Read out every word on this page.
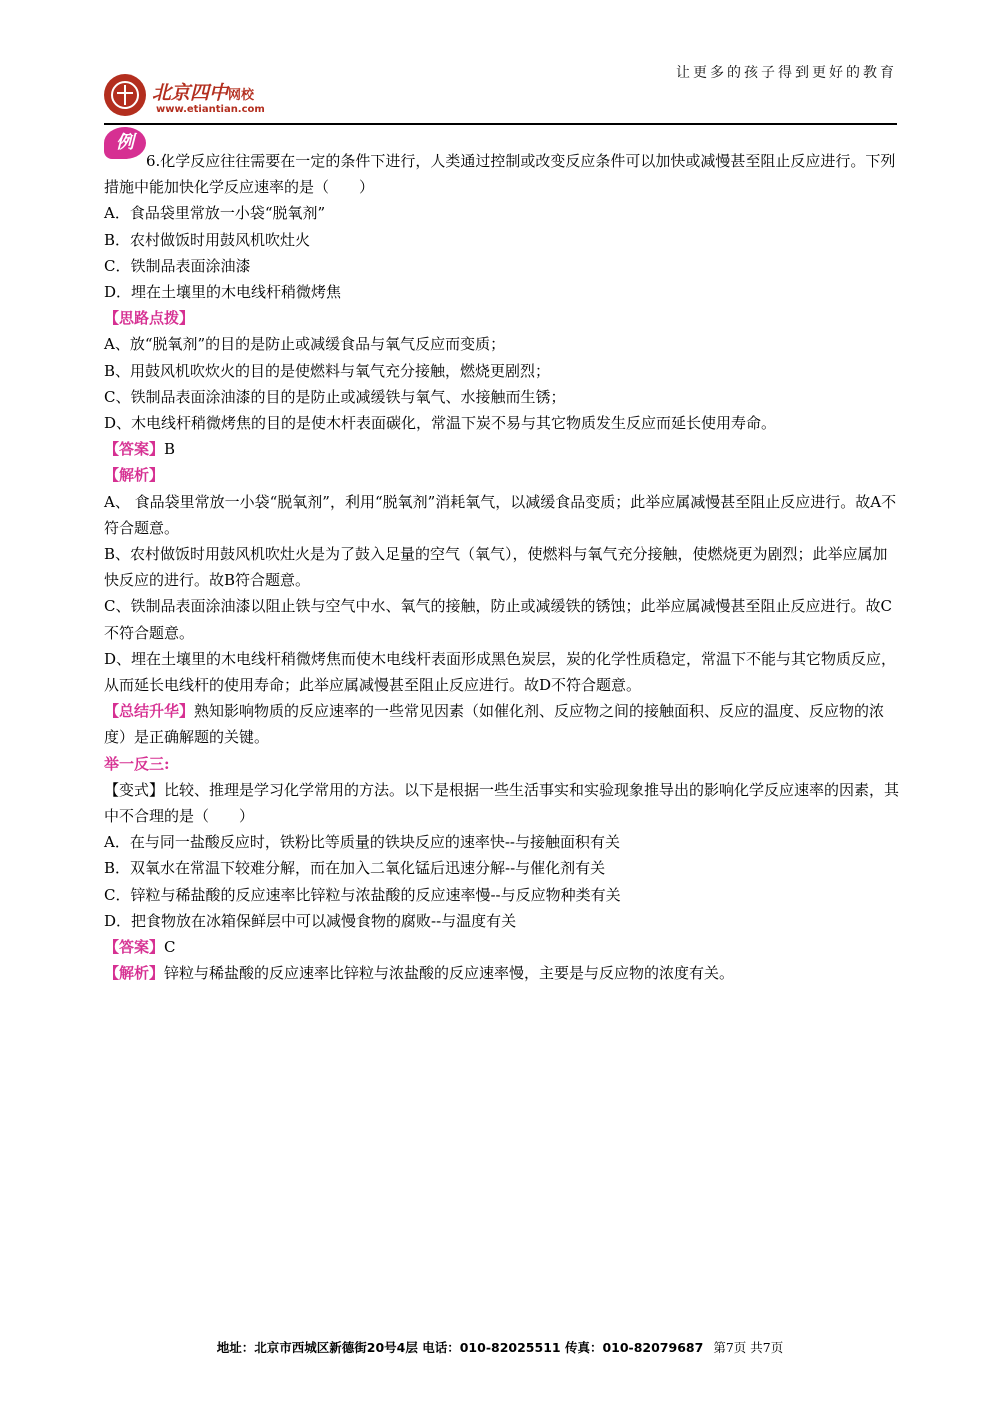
让更多的孩子得到更好的教育
北京四中网校
www.etiantian.com
例

6.化学反应往往需要在一定的条件下进行，人类通过控制或改变反应条件可以加快或减慢甚至阻止反应进行。下列措施中能加快化学反应速率的是（　　）

A．食品袋里常放一小袋“脱氧剂”

B．农村做饭时用鼓风机吹灶火

C．铁制品表面涂油漆

D．埋在土壤里的木电线杆稍微烤焦

【思路点拨】

A、放“脱氧剂”的目的是防止或减缓食品与氧气反应而变质；

B、用鼓风机吹炊火的目的是使燃料与氧气充分接触，燃烧更剧烈；

C、铁制品表面涂油漆的目的是防止或减缓铁与氧气、水接触而生锈；

D、木电线杆稍微烤焦的目的是使木杆表面碳化，常温下炭不易与其它物质发生反应而延长使用寿命。

【答案】B

【解析】

A、 食品袋里常放一小袋“脱氧剂”，利用“脱氧剂”消耗氧气，以减缓食品变质；此举应属减慢甚至阻止反应进行。故A不符合题意。

B、农村做饭时用鼓风机吹灶火是为了鼓入足量的空气（氧气），使燃料与氧气充分接触，使燃烧更为剧烈；此举应属加快反应的进行。故B符合题意。

C、铁制品表面涂油漆以阻止铁与空气中水、氧气的接触，防止或减缓铁的锈蚀；此举应属减慢甚至阻止反应进行。故C不符合题意。

D、埋在土壤里的木电线杆稍微烤焦而使木电线杆表面形成黑色炭层，炭的化学性质稳定，常温下不能与其它物质反应，从而延长电线杆的使用寿命；此举应属减慢甚至阻止反应进行。故D不符合题意。

【总结升华】熟知影响物质的反应速率的一些常见因素（如催化剂、反应物之间的接触面积、反应的温度、反应物的浓度）是正确解题的关键。

举一反三:

【变式】比较、推理是学习化学常用的方法。以下是根据一些生活事实和实验现象推导出的影响化学反应速率的因素，其中不合理的是（　　）

A．在与同一盐酸反应时，铁粉比等质量的铁块反应的速率快--与接触面积有关

B．双氧水在常温下较难分解，而在加入二氧化锰后迅速分解--与催化剂有关

C．锌粒与稀盐酸的反应速率比锌粒与浓盐酸的反应速率慢--与反应物种类有关

D．把食物放在冰箱保鲜层中可以减慢食物的腐败--与温度有关

【答案】C

【解析】锌粒与稀盐酸的反应速率比锌粒与浓盐酸的反应速率慢，主要是与反应物的浓度有关。

地址：北京市西城区新德街20号4层 电话：010-82025511 传真：010-82079687 第7页 共7页
